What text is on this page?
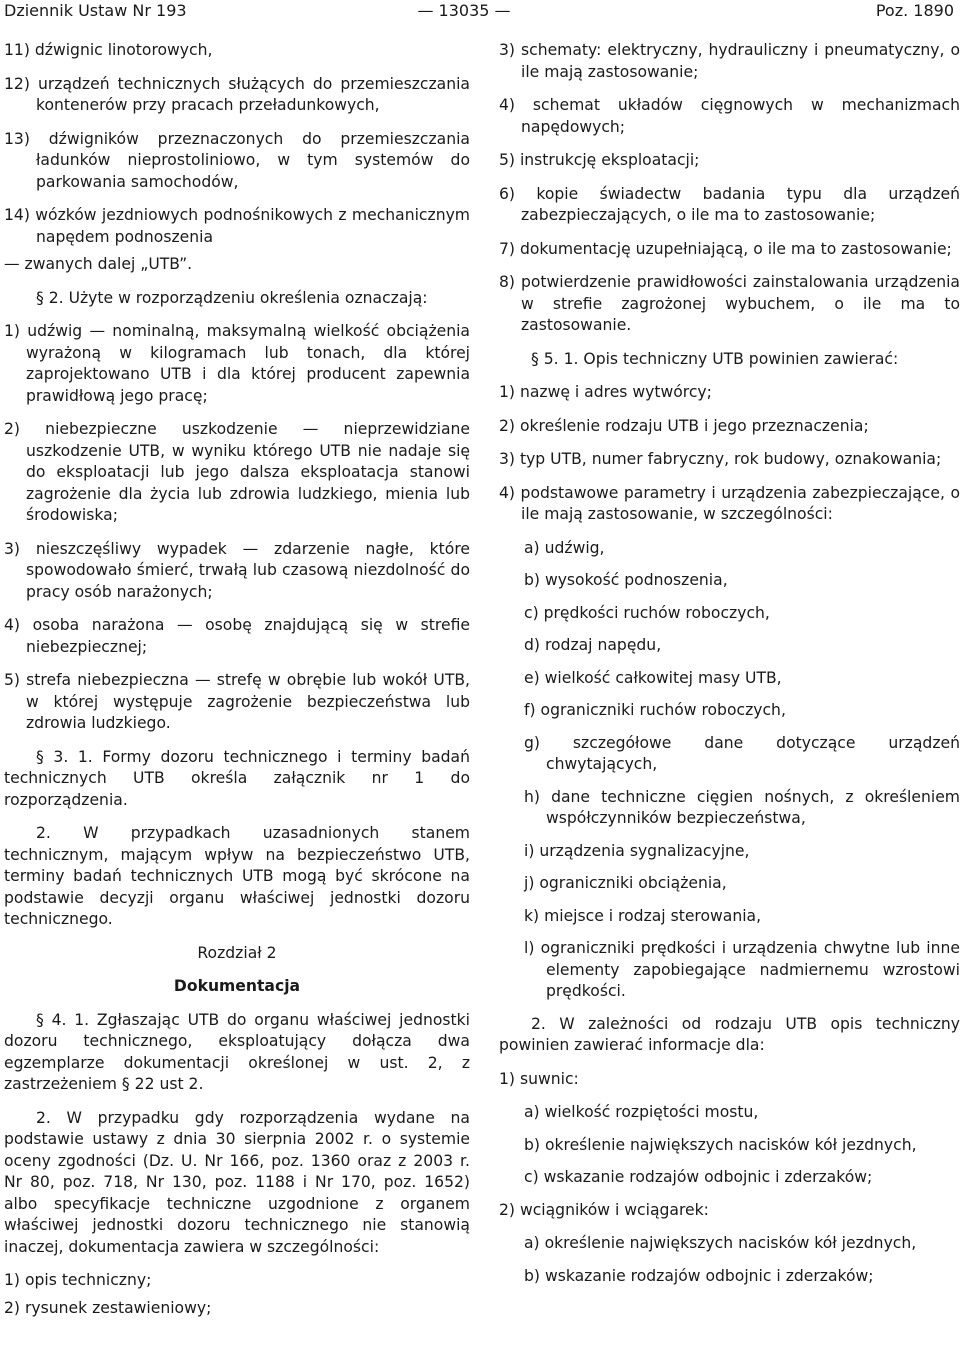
Dziennik Ustaw Nr 193	— 13035 —	Poz. 1890

11) dźwignic linotorowych,

12) urządzeń technicznych służących do przemieszczania kontenerów przy pracach przeładunkowych,

13) dźwigników przeznaczonych do przemieszczania ładunków nieprostoliniowo, w tym systemów do parkowania samochodów,

14) wózków jezdniowych podnośnikowych z mechanicznym napędem podnoszenia

— zwanych dalej „UTB”.

§ 2. Użyte w rozporządzeniu określenia oznaczają:

1) udźwig — nominalną, maksymalną wielkość obciążenia wyrażoną w kilogramach lub tonach, dla której zaprojektowano UTB i dla której producent zapewnia prawidłową jego pracę;

2) niebezpieczne uszkodzenie — nieprzewidziane uszkodzenie UTB, w wyniku którego UTB nie nadaje się do eksploatacji lub jego dalsza eksploatacja stanowi zagrożenie dla życia lub zdrowia ludzkiego, mienia lub środowiska;

3) nieszczęśliwy wypadek — zdarzenie nagłe, które spowodowało śmierć, trwałą lub czasową niezdolność do pracy osób narażonych;

4) osoba narażona — osobę znajdującą się w strefie niebezpiecznej;

5) strefa niebezpieczna — strefę w obrębie lub wokół UTB, w której występuje zagrożenie bezpieczeństwa lub zdrowia ludzkiego.

§ 3. 1. Formy dozoru technicznego i terminy badań technicznych UTB określa załącznik nr 1 do rozporządzenia.

2. W przypadkach uzasadnionych stanem technicznym, mającym wpływ na bezpieczeństwo UTB, terminy badań technicznych UTB mogą być skrócone na podstawie decyzji organu właściwej jednostki dozoru technicznego.

Rozdział 2

Dokumentacja

§ 4. 1. Zgłaszając UTB do organu właściwej jednostki dozoru technicznego, eksploatujący dołącza dwa egzemplarze dokumentacji określonej w ust. 2, z zastrzeżeniem § 22 ust 2.

2. W przypadku gdy rozporządzenia wydane na podstawie ustawy z dnia 30 sierpnia 2002 r. o systemie oceny zgodności (Dz. U. Nr 166, poz. 1360 oraz z 2003 r. Nr 80, poz. 718, Nr 130, poz. 1188 i Nr 170, poz. 1652) albo specyfikacje techniczne uzgodnione z organem właściwej jednostki dozoru technicznego nie stanowią inaczej, dokumentacja zawiera w szczególności:

1) opis techniczny;

2) rysunek zestawieniowy;

3) schematy: elektryczny, hydrauliczny i pneumatyczny, o ile mają zastosowanie;

4) schemat układów cięgnowych w mechanizmach napędowych;

5) instrukcję eksploatacji;

6) kopie świadectw badania typu dla urządzeń zabezpieczających, o ile ma to zastosowanie;

7) dokumentację uzupełniającą, o ile ma to zastosowanie;

8) potwierdzenie prawidłowości zainstalowania urządzenia w strefie zagrożonej wybuchem, o ile ma to zastosowanie.

§ 5. 1. Opis techniczny UTB powinien zawierać:

1) nazwę i adres wytwórcy;

2) określenie rodzaju UTB i jego przeznaczenia;

3) typ UTB, numer fabryczny, rok budowy, oznakowania;

4) podstawowe parametry i urządzenia zabezpieczające, o ile mają zastosowanie, w szczególności:

a) udźwig,

b) wysokość podnoszenia,

c) prędkości ruchów roboczych,

d) rodzaj napędu,

e) wielkość całkowitej masy UTB,

f) ograniczniki ruchów roboczych,

g) szczegółowe dane dotyczące urządzeń chwytających,

h) dane techniczne cięgien nośnych, z określeniem współczynników bezpieczeństwa,

i) urządzenia sygnalizacyjne,

j) ograniczniki obciążenia,

k) miejsce i rodzaj sterowania,

l) ograniczniki prędkości i urządzenia chwytne lub inne elementy zapobiegające nadmiernemu wzrostowi prędkości.

2. W zależności od rodzaju UTB opis techniczny powinien zawierać informacje dla:

1) suwnic:

a) wielkość rozpiętości mostu,

b) określenie największych nacisków kół jezdnych,

c) wskazanie rodzajów odbojnic i zderzaków;

2) wciągników i wciągarek:

a) określenie największych nacisków kół jezdnych,

b) wskazanie rodzajów odbojnic i zderzaków;
